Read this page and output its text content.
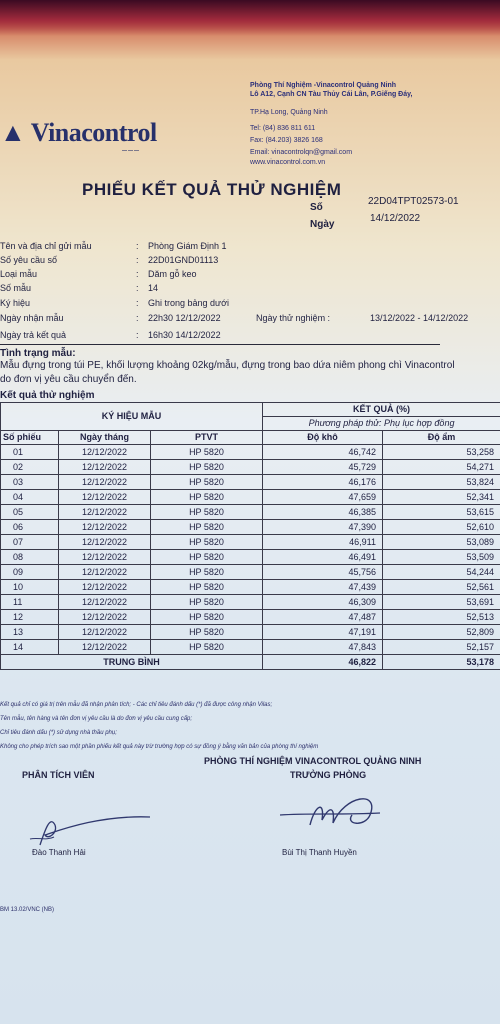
▲ Vinacontrol
———
Phòng Thí Nghiệm -Vinacontrol Quảng Ninh
Lô A12, Cạnh CN Tàu Thủy Cái Lân, P.Giếng Đáy,
TP.Hạ Long, Quảng Ninh
Tel: (84) 836 811 611
Fax: (84.203) 3826 168
Email: vinacontrolqn@gmail.com
www.vinacontrol.com.vn
PHIẾU KẾT QUẢ THỬ NGHIỆM
Số
22D04TPT02573-01
Ngày
14/12/2022
Tên và địa chỉ gửi mẫu	: Phòng Giám Định 1
Số yêu cầu số	: 22D01GND01113
Loại mẫu	: Dăm gỗ keo
Số mẫu	: 14
Ký hiệu	: Ghi trong bảng dưới
Ngày nhận mẫu	: 22h30 12/12/2022	Ngày thử nghiệm :	13/12/2022 - 14/12/2022
Ngày trả kết quả	: 16h30 14/12/2022
Tình trạng mẫu:
Mẫu đựng trong túi PE, khối lượng khoảng 02kg/mẫu, đựng trong bao dứa niêm phong chì Vinacontrol
do đơn vị yêu cầu chuyển đến.
Kết quả thử nghiệm
KÝ HIỆU MẪU			KẾT QUẢ (%)	
			Phương pháp thử: Phụ lục hợp đồng	
Số phiếu	Ngày tháng	PTVT	Độ khô	Độ ẩm
01	12/12/2022	HP 5820	46,742	53,258
02	12/12/2022	HP 5820	45,729	54,271
03	12/12/2022	HP 5820	46,176	53,824
04	12/12/2022	HP 5820	47,659	52,341
05	12/12/2022	HP 5820	46,385	53,615
06	12/12/2022	HP 5820	47,390	52,610
07	12/12/2022	HP 5820	46,911	53,089
08	12/12/2022	HP 5820	46,491	53,509
09	12/12/2022	HP 5820	45,756	54,244
10	12/12/2022	HP 5820	47,439	52,561
11	12/12/2022	HP 5820	46,309	53,691
12	12/12/2022	HP 5820	47,487	52,513
13	12/12/2022	HP 5820	47,191	52,809
14	12/12/2022	HP 5820	47,843	52,157
TRUNG BÌNH			46,822	53,178
Kết quả chỉ có giá trị trên mẫu đã nhận phân tích; - Các chỉ tiêu đánh dấu (*) đã được công nhận Vilas;
Tên mẫu, tên hàng và tên đơn vị yêu cầu là do đơn vị yêu cầu cung cấp;
Chỉ tiêu đánh dấu (*) sử dụng nhà thầu phụ;
Không cho phép trích sao một phần phiếu kết quả này trừ trường hợp có sự đồng ý bằng văn bản của phòng thí nghiệm
PHÒNG THÍ NGHIỆM VINACONTROL QUẢNG NINH
PHÂN TÍCH VIÊN	TRƯỞNG PHÒNG
Đào Thanh Hải	Bùi Thị Thanh Huyền
BM 13.02/VNC (NB)
